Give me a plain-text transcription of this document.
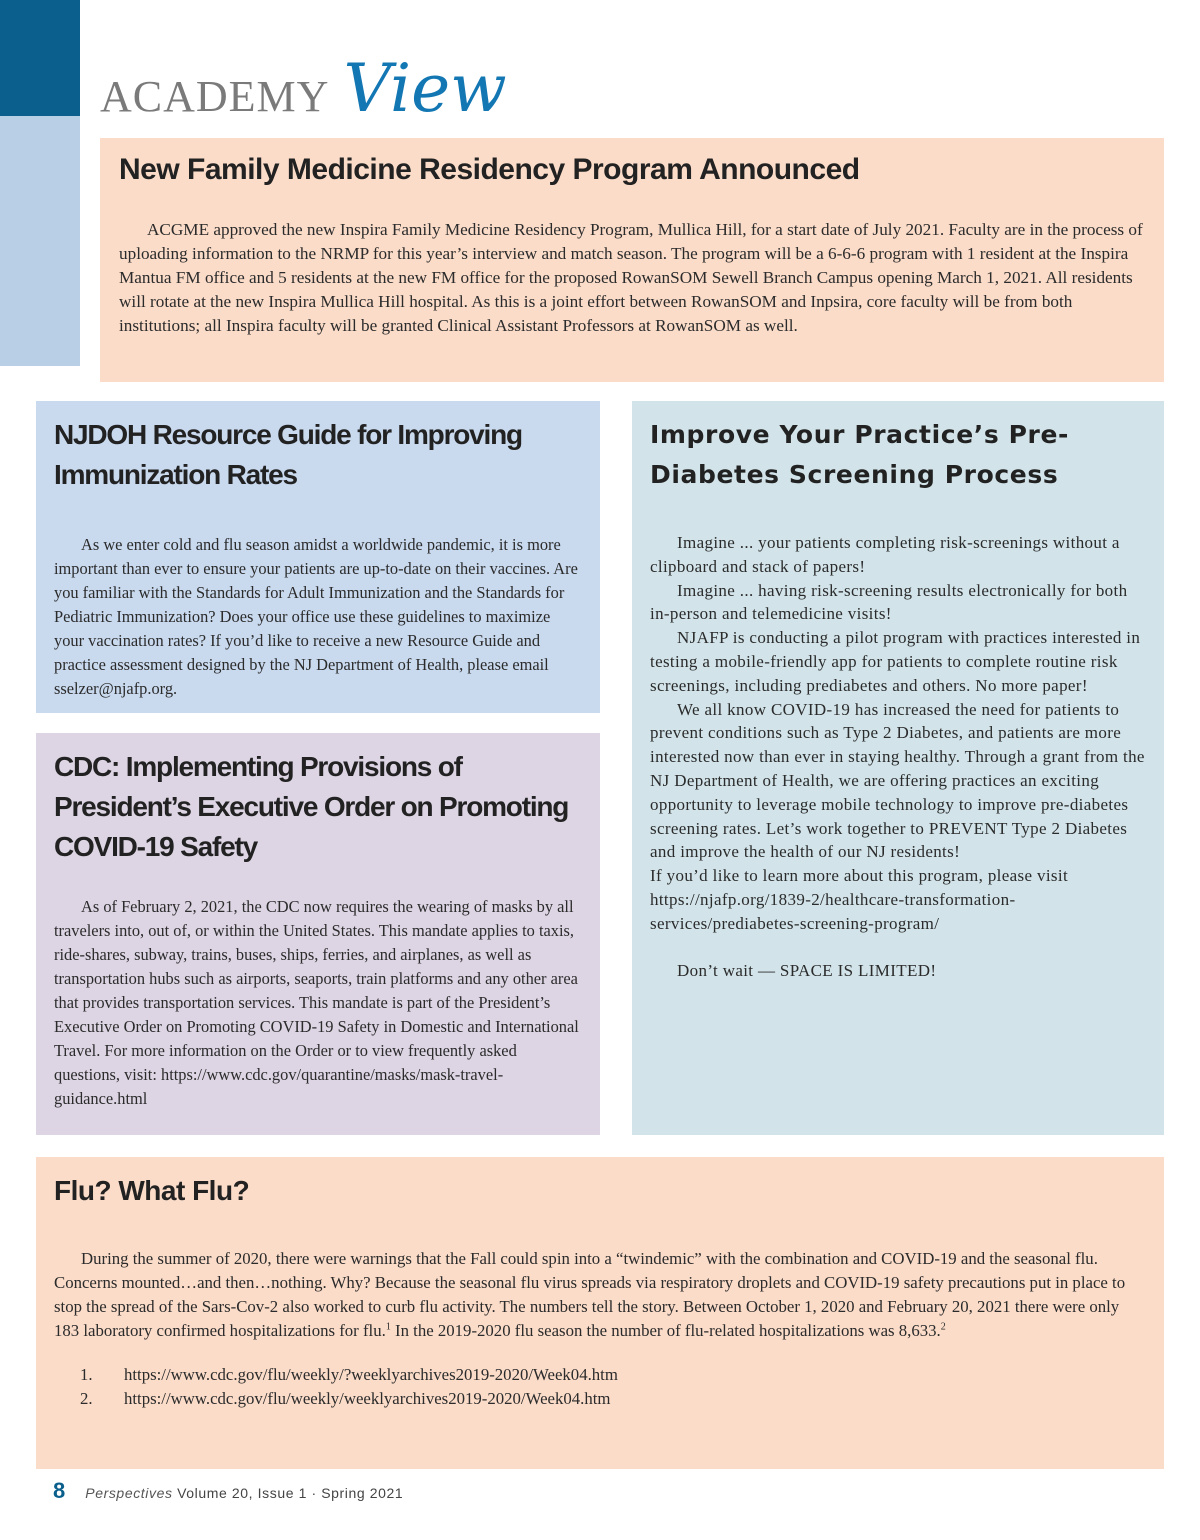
ACADEMY View
New Family Medicine Residency Program Announced

ACGME approved the new Inspira Family Medicine Residency Program, Mullica Hill, for a start date of July 2021. Faculty are in the process of uploading information to the NRMP for this year’s interview and match season. The program will be a 6-6-6 program with 1 resident at the Inspira Mantua FM office and 5 residents at the new FM office for the proposed RowanSOM Sewell Branch Campus opening March 1, 2021. All residents will rotate at the new Inspira Mullica Hill hospital. As this is a joint effort between RowanSOM and Inpsira, core faculty will be from both institutions; all Inspira faculty will be granted Clinical Assistant Professors at RowanSOM as well.

NJDOH Resource Guide for Improving Immunization Rates

As we enter cold and flu season amidst a worldwide pandemic, it is more important than ever to ensure your patients are up-to-date on their vaccines. Are you familiar with the Standards for Adult Immunization and the Standards for Pediatric Immunization? Does your office use these guidelines to maximize your vaccination rates? If you’d like to receive a new Resource Guide and practice assessment designed by the NJ Department of Health, please email sselzer@njafp.org.

CDC: Implementing Provisions of President’s Executive Order on Promoting COVID-19 Safety

As of February 2, 2021, the CDC now requires the wearing of masks by all travelers into, out of, or within the United States. This mandate applies to taxis, ride-shares, subway, trains, buses, ships, ferries, and airplanes, as well as transportation hubs such as airports, seaports, train platforms and any other area that provides transportation services. This mandate is part of the President’s Executive Order on Promoting COVID-19 Safety in Domestic and International Travel. For more information on the Order or to view frequently asked questions, visit: https://www.cdc.gov/quarantine/masks/mask-travel-guidance.html

Improve Your Practice’s Pre-Diabetes Screening Process

Imagine ... your patients completing risk-screenings without a clipboard and stack of papers!

Imagine ... having risk-screening results electronically for both in-person and telemedicine visits!

NJAFP is conducting a pilot program with practices interested in testing a mobile-friendly app for patients to complete routine risk screenings, including prediabetes and others. No more paper!

We all know COVID-19 has increased the need for patients to prevent conditions such as Type 2 Diabetes, and patients are more interested now than ever in staying healthy. Through a grant from the NJ Department of Health, we are offering practices an exciting opportunity to leverage mobile technology to improve pre-diabetes screening rates. Let’s work together to PREVENT Type 2 Diabetes and improve the health of our NJ residents!

If you’d like to learn more about this program, please visit https://njafp.org/1839-2/healthcare-transformation-services/prediabetes-screening-program/

Don’t wait — SPACE IS LIMITED!

Flu? What Flu?

During the summer of 2020, there were warnings that the Fall could spin into a “twindemic” with the combination and COVID-19 and the seasonal flu. Concerns mounted…and then…nothing. Why? Because the seasonal flu virus spreads via respiratory droplets and COVID-19 safety precautions put in place to stop the spread of the Sars-Cov-2 also worked to curb flu activity. The numbers tell the story. Between October 1, 2020 and February 20, 2021 there were only 183 laboratory confirmed hospitalizations for flu.$^1$ In the 2019-2020 flu season the number of flu-related hospitalizations was 8,633.$^2$

1.	https://www.cdc.gov/flu/weekly/?weeklyarchives2019-2020/Week04.htm
2.	https://www.cdc.gov/flu/weekly/weeklyarchives2019-2020/Week04.htm
8 Perspectives Volume 20, Issue 1 · Spring 2021
